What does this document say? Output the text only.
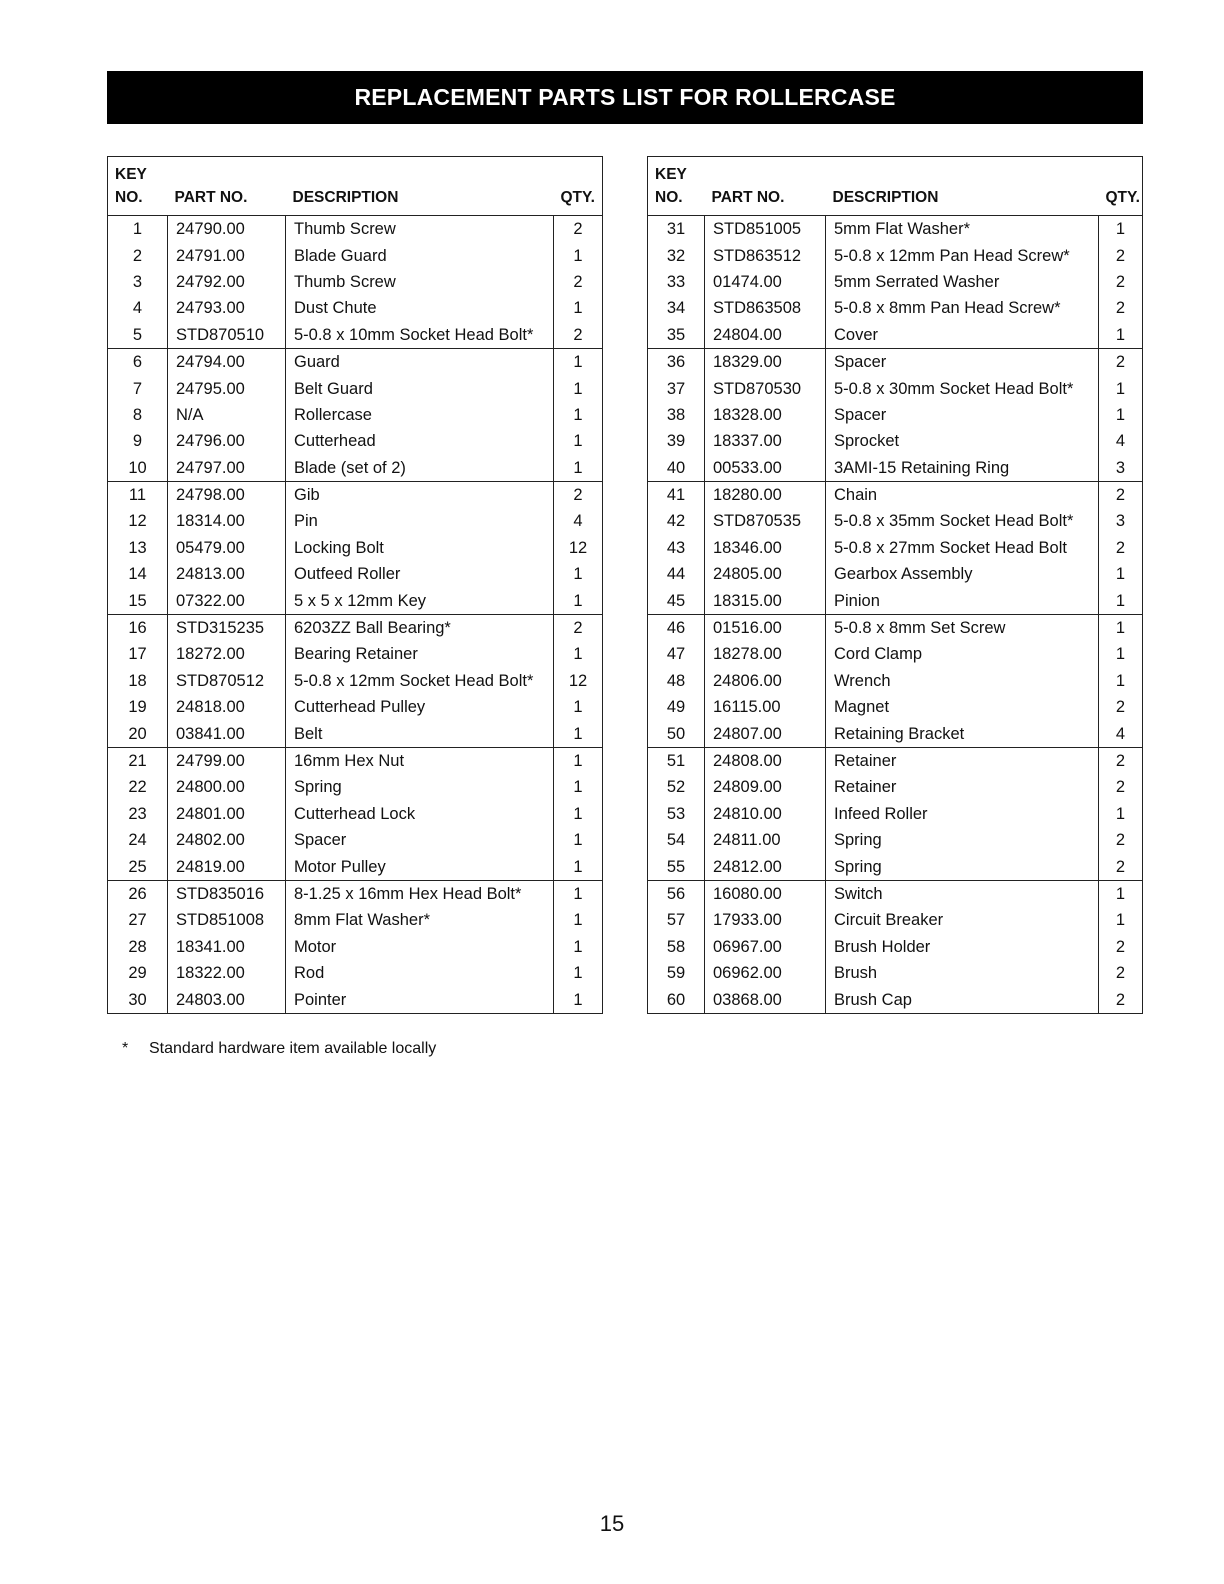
REPLACEMENT PARTS LIST FOR ROLLERCASE
KEY
NO.	PART NO.	DESCRIPTION	QTY.
1	24790.00	Thumb Screw	2
2	24791.00	Blade Guard	1
3	24792.00	Thumb Screw	2
4	24793.00	Dust Chute	1
5	STD870510	5-0.8 x 10mm Socket Head Bolt*	2
6	24794.00	Guard	1
7	24795.00	Belt Guard	1
8	N/A	Rollercase	1
9	24796.00	Cutterhead	1
10	24797.00	Blade (set of 2)	1
11	24798.00	Gib	2
12	18314.00	Pin	4
13	05479.00	Locking Bolt	12
14	24813.00	Outfeed Roller	1
15	07322.00	5 x 5 x 12mm Key	1
16	STD315235	6203ZZ Ball Bearing*	2
17	18272.00	Bearing Retainer	1
18	STD870512	5-0.8 x 12mm Socket Head Bolt*	12
19	24818.00	Cutterhead Pulley	1
20	03841.00	Belt	1
21	24799.00	16mm Hex Nut	1
22	24800.00	Spring	1
23	24801.00	Cutterhead Lock	1
24	24802.00	Spacer	1
25	24819.00	Motor Pulley	1
26	STD835016	8-1.25 x 16mm Hex Head Bolt*	1
27	STD851008	8mm Flat Washer*	1
28	18341.00	Motor	1
29	18322.00	Rod	1
30	24803.00	Pointer	1
KEY
NO.	PART NO.	DESCRIPTION	QTY.
31	STD851005	5mm Flat Washer*	1
32	STD863512	5-0.8 x 12mm Pan Head Screw*	2
33	01474.00	5mm Serrated Washer	2
34	STD863508	5-0.8 x 8mm Pan Head Screw*	2
35	24804.00	Cover	1
36	18329.00	Spacer	2
37	STD870530	5-0.8 x 30mm Socket Head Bolt*	1
38	18328.00	Spacer	1
39	18337.00	Sprocket	4
40	00533.00	3AMI-15 Retaining Ring	3
41	18280.00	Chain	2
42	STD870535	5-0.8 x 35mm Socket Head Bolt*	3
43	18346.00	5-0.8 x 27mm Socket Head Bolt	2
44	24805.00	Gearbox Assembly	1
45	18315.00	Pinion	1
46	01516.00	5-0.8 x 8mm Set Screw	1
47	18278.00	Cord Clamp	1
48	24806.00	Wrench	1
49	16115.00	Magnet	2
50	24807.00	Retaining Bracket	4
51	24808.00	Retainer	2
52	24809.00	Retainer	2
53	24810.00	Infeed Roller	1
54	24811.00	Spring	2
55	24812.00	Spring	2
56	16080.00	Switch	1
57	17933.00	Circuit Breaker	1
58	06967.00	Brush Holder	2
59	06962.00	Brush	2
60	03868.00	Brush Cap	2
* Standard hardware item available locally
15
